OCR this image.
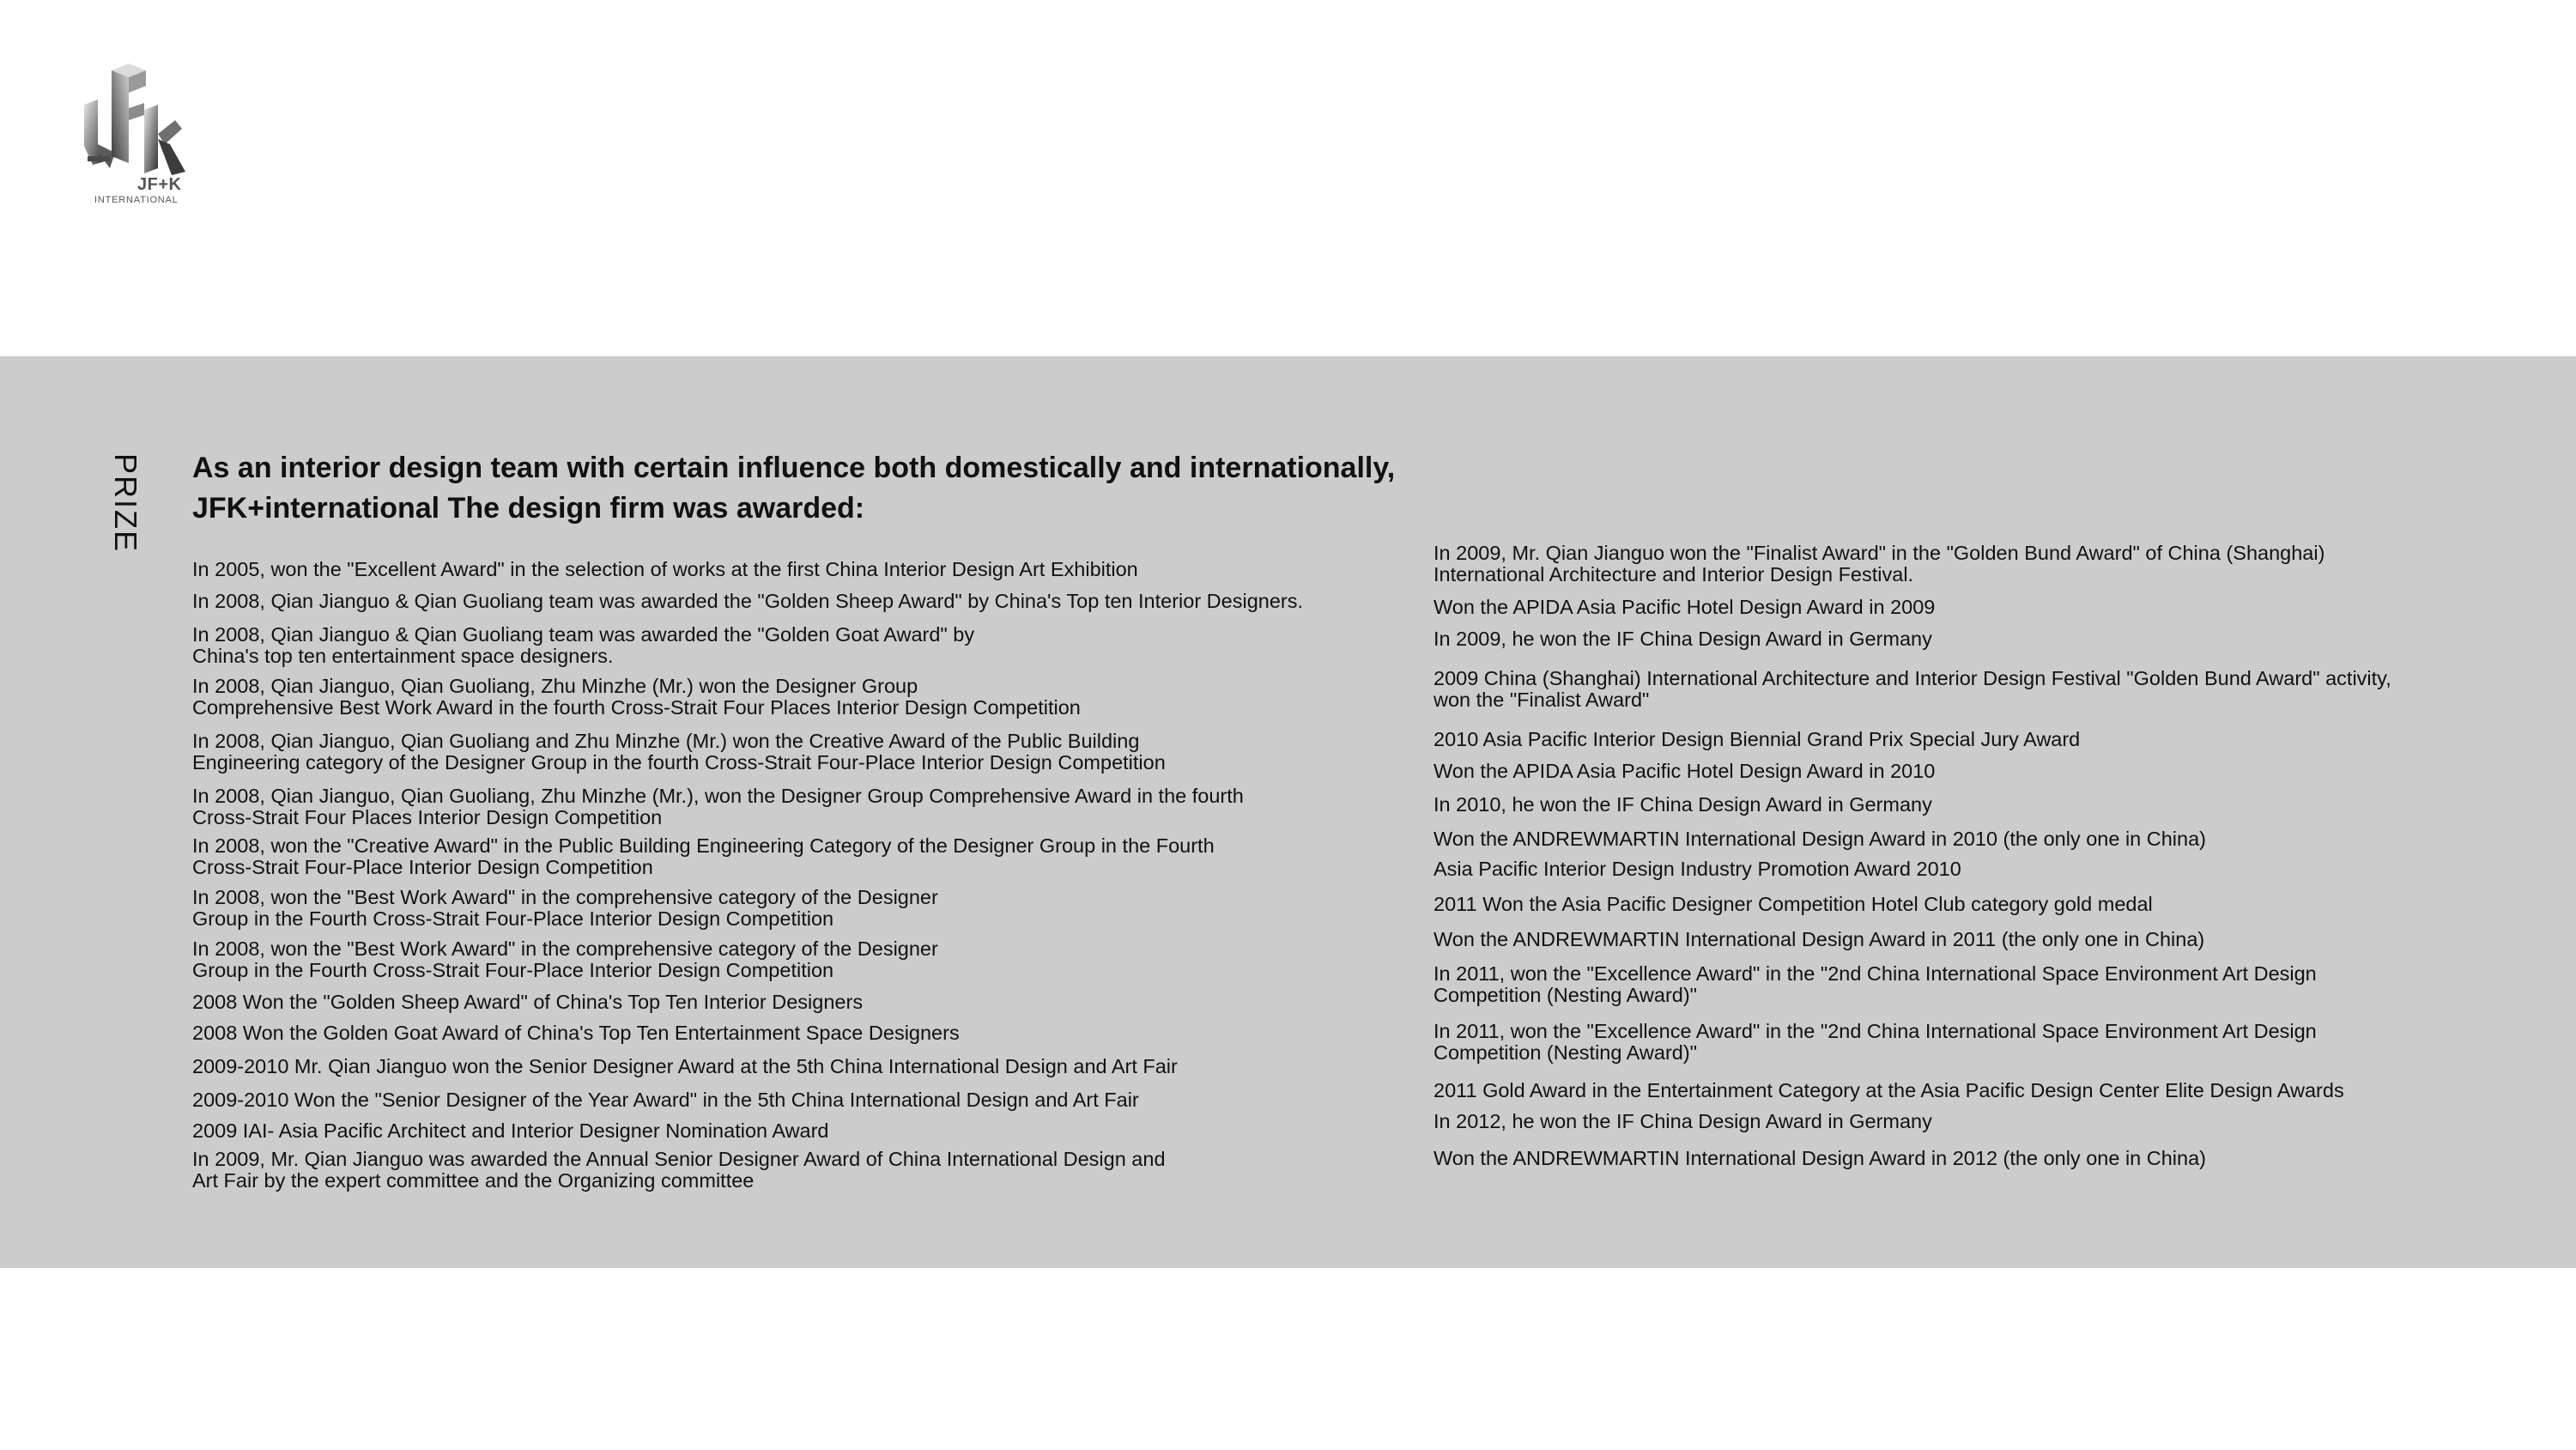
JF+K
INTERNATIONAL
PRIZE As an interior design team with certain influence both domestically and internationally,
JFK+international The design firm was awarded:
In 2005, won the "Excellent Award" in the selection of works at the first China Interior Design Art Exhibition
In 2008, Qian Jianguo & Qian Guoliang team was awarded the "Golden Sheep Award" by China's Top ten Interior Designers.
In 2008, Qian Jianguo & Qian Guoliang team was awarded the "Golden Goat Award" by
China's top ten entertainment space designers.
In 2008, Qian Jianguo, Qian Guoliang, Zhu Minzhe (Mr.) won the Designer Group
Comprehensive Best Work Award in the fourth Cross-Strait Four Places Interior Design Competition
In 2008, Qian Jianguo, Qian Guoliang and Zhu Minzhe (Mr.) won the Creative Award of the Public Building
Engineering category of the Designer Group in the fourth Cross-Strait Four-Place Interior Design Competition
In 2008, Qian Jianguo, Qian Guoliang, Zhu Minzhe (Mr.), won the Designer Group Comprehensive Award in the fourth
Cross-Strait Four Places Interior Design Competition
In 2008, won the "Creative Award" in the Public Building Engineering Category of the Designer Group in the Fourth
Cross-Strait Four-Place Interior Design Competition
In 2008, won the "Best Work Award" in the comprehensive category of the Designer
Group in the Fourth Cross-Strait Four-Place Interior Design Competition
In 2008, won the "Best Work Award" in the comprehensive category of the Designer
Group in the Fourth Cross-Strait Four-Place Interior Design Competition
2008 Won the "Golden Sheep Award" of China's Top Ten Interior Designers
2008 Won the Golden Goat Award of China's Top Ten Entertainment Space Designers
2009-2010 Mr. Qian Jianguo won the Senior Designer Award at the 5th China International Design and Art Fair
2009-2010 Won the "Senior Designer of the Year Award" in the 5th China International Design and Art Fair
2009 IAI- Asia Pacific Architect and Interior Designer Nomination Award
In 2009, Mr. Qian Jianguo was awarded the Annual Senior Designer Award of China International Design and
Art Fair by the expert committee and the Organizing committee
In 2009, Mr. Qian Jianguo won the "Finalist Award" in the "Golden Bund Award" of China (Shanghai)
International Architecture and Interior Design Festival.
Won the APIDA Asia Pacific Hotel Design Award in 2009
In 2009, he won the IF China Design Award in Germany
2009 China (Shanghai) International Architecture and Interior Design Festival "Golden Bund Award" activity,
won the "Finalist Award"
2010 Asia Pacific Interior Design Biennial Grand Prix Special Jury Award
Won the APIDA Asia Pacific Hotel Design Award in 2010
In 2010, he won the IF China Design Award in Germany
Won the ANDREWMARTIN International Design Award in 2010 (the only one in China)
Asia Pacific Interior Design Industry Promotion Award 2010
2011 Won the Asia Pacific Designer Competition Hotel Club category gold medal
Won the ANDREWMARTIN International Design Award in 2011 (the only one in China)
In 2011, won the "Excellence Award" in the "2nd China International Space Environment Art Design
Competition (Nesting Award)"
In 2011, won the "Excellence Award" in the "2nd China International Space Environment Art Design
Competition (Nesting Award)"
2011 Gold Award in the Entertainment Category at the Asia Pacific Design Center Elite Design Awards
In 2012, he won the IF China Design Award in Germany
Won the ANDREWMARTIN International Design Award in 2012 (the only one in China)
